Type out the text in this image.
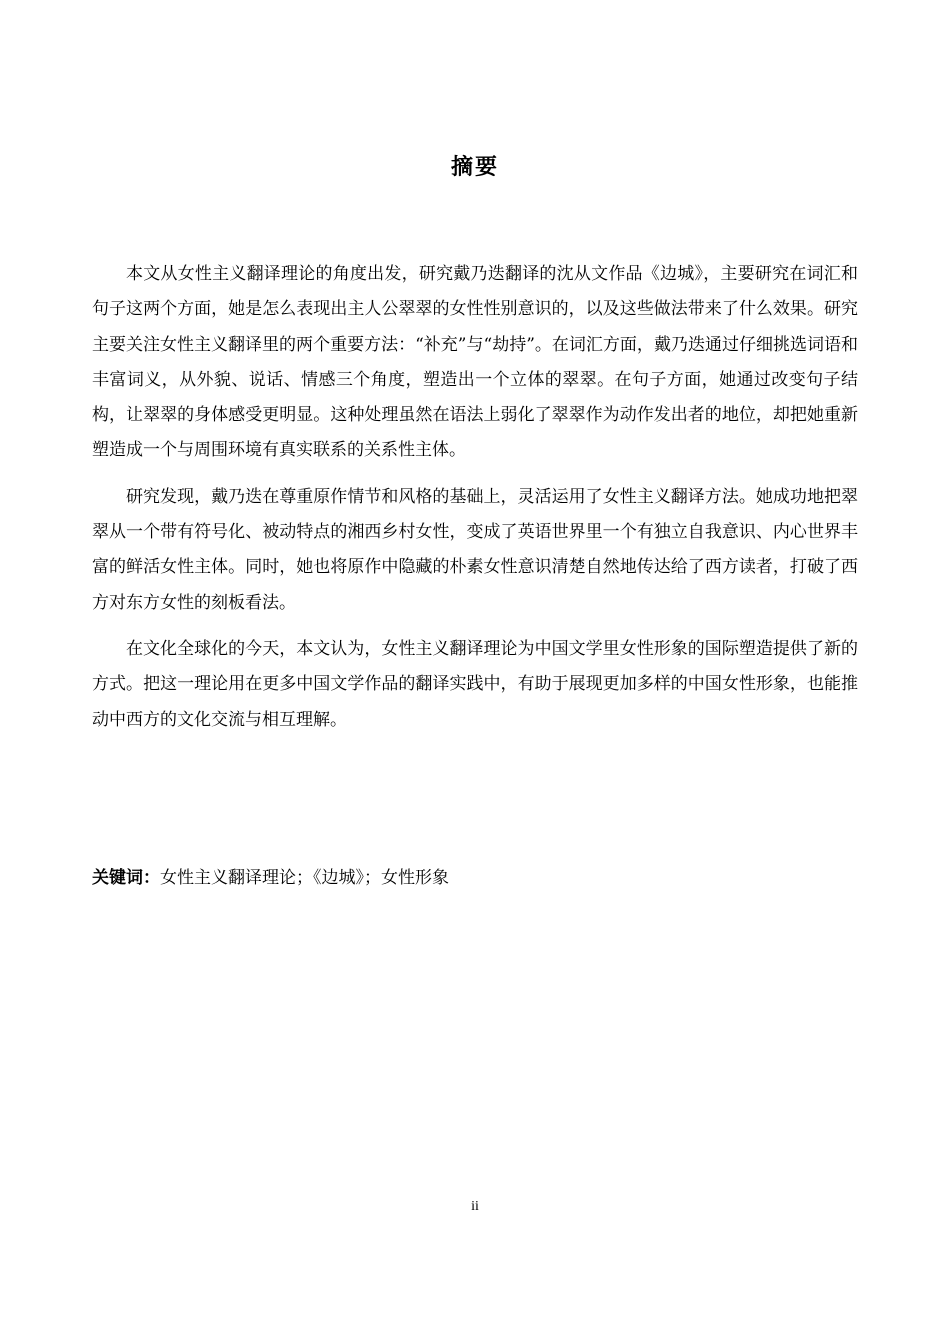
摘要

本文从女性主义翻译理论的角度出发，研究戴乃迭翻译的沈从文作品《边城》，主要研究在词汇和句子这两个方面，她是怎么表现出主人公翠翠的女性性别意识的，以及这些做法带来了什么效果。研究主要关注女性主义翻译里的两个重要方法：“补充”与“劫持”。在词汇方面，戴乃迭通过仔细挑选词语和丰富词义，从外貌、说话、情感三个角度，塑造出一个立体的翠翠。在句子方面，她通过改变句子结构，让翠翠的身体感受更明显。这种处理虽然在语法上弱化了翠翠作为动作发出者的地位，却把她重新塑造成一个与周围环境有真实联系的关系性主体。

研究发现，戴乃迭在尊重原作情节和风格的基础上，灵活运用了女性主义翻译方法。她成功地把翠翠从一个带有符号化、被动特点的湘西乡村女性，变成了英语世界里一个有独立自我意识、内心世界丰富的鲜活女性主体。同时，她也将原作中隐藏的朴素女性意识清楚自然地传达给了西方读者，打破了西方对东方女性的刻板看法。

在文化全球化的今天，本文认为，女性主义翻译理论为中国文学里女性形象的国际塑造提供了新的方式。把这一理论用在更多中国文学作品的翻译实践中，有助于展现更加多样的中国女性形象，也能推动中西方的文化交流与相互理解。

关键词：女性主义翻译理论；《边城》；女性形象
ii
